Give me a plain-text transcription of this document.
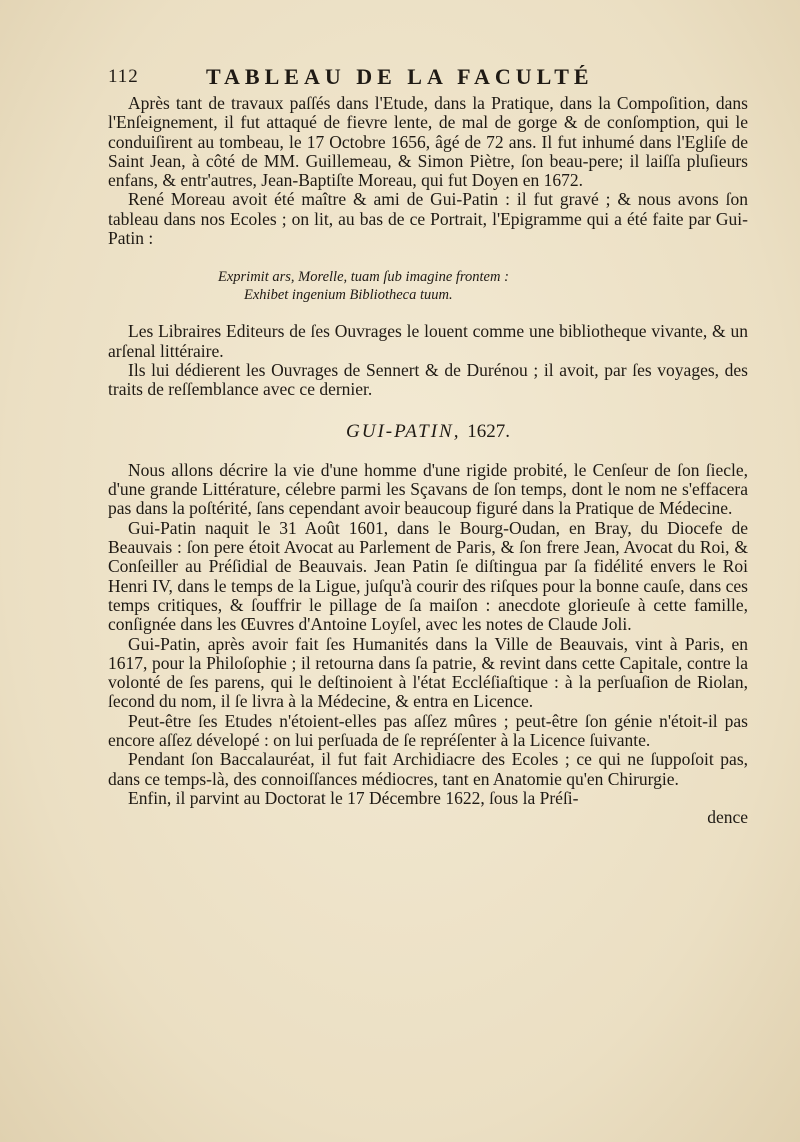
112	TABLEAU DE LA FACULTÉ

Après tant de travaux paſſés dans l'Etude, dans la Pratique, dans la Compoſition, dans l'Enſeignement, il fut attaqué de fievre lente, de mal de gorge & de conſomption, qui le conduiſirent au tombeau, le 17 Octobre 1656, âgé de 72 ans. Il fut inhumé dans l'Egliſe de Saint Jean, à côté de MM. Guillemeau, & Simon Piètre, ſon beau-pere; il laiſſa pluſieurs enfans, & entr'autres, Jean-Baptiſte Moreau, qui fut Doyen en 1672.

René Moreau avoit été maître & ami de Gui-Patin : il fut gravé ; & nous avons ſon tableau dans nos Ecoles ; on lit, au bas de ce Portrait, l'Epigramme qui a été faite par Gui-Patin :

Exprimit ars, Morelle, tuam ſub imagine frontem :
Exhibet ingenium Bibliotheca tuum.

Les Libraires Editeurs de ſes Ouvrages le louent comme une bibliotheque vivante, & un arſenal littéraire.

Ils lui dédierent les Ouvrages de Sennert & de Durénou ; il avoit, par ſes voyages, des traits de reſſemblance avec ce dernier.

GUI-PATIN, 1627.

Nous allons décrire la vie d'une homme d'une rigide probité, le Cenſeur de ſon ſiecle, d'une grande Littérature, célebre parmi les Sçavans de ſon temps, dont le nom ne s'effacera pas dans la poſtérité, ſans cependant avoir beaucoup figuré dans la Pratique de Médecine.

Gui-Patin naquit le 31 Août 1601, dans le Bourg-Oudan, en Bray, du Diocefe de Beauvais : ſon pere étoit Avocat au Parlement de Paris, & ſon frere Jean, Avocat du Roi, & Conſeiller au Préſidial de Beauvais. Jean Patin ſe diſtingua par ſa fidélité envers le Roi Henri IV, dans le temps de la Ligue, juſqu'à courir des riſques pour la bonne cauſe, dans ces temps critiques, & ſouffrir le pillage de ſa maiſon : anecdote glorieuſe à cette famille, conſignée dans les Œuvres d'Antoine Loyſel, avec les notes de Claude Joli.

Gui-Patin, après avoir fait ſes Humanités dans la Ville de Beauvais, vint à Paris, en 1617, pour la Philoſophie ; il retourna dans ſa patrie, & revint dans cette Capitale, contre la volonté de ſes parens, qui le deſtinoient à l'état Eccléſiaſtique : à la perſuaſion de Riolan, ſecond du nom, il ſe livra à la Médecine, & entra en Licence.

Peut-être ſes Etudes n'étoient-elles pas aſſez mûres ; peut-être ſon génie n'étoit-il pas encore aſſez dévelopé : on lui perſuada de ſe repréſenter à la Licence ſuivante.

Pendant ſon Baccalauréat, il fut fait Archidiacre des Ecoles ; ce qui ne ſuppoſoit pas, dans ce temps-là, des connoiſſances médiocres, tant en Anatomie qu'en Chirurgie.

Enfin, il parvint au Doctorat le 17 Décembre 1622, ſous la Préſi-

dence
